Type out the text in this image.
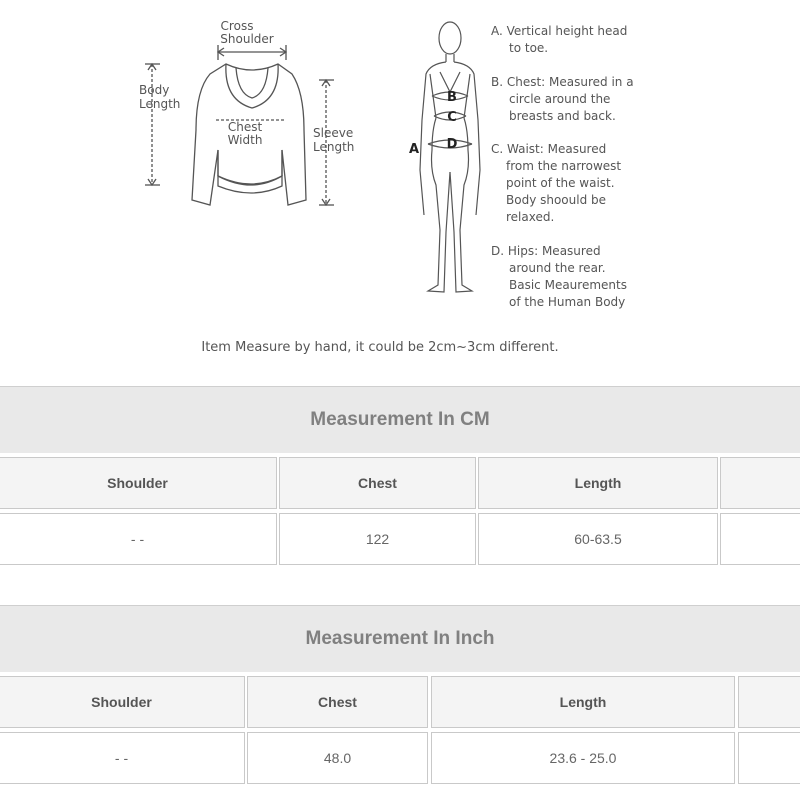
Cross
Shoulder
Body
Length
Chest
Width	Sleeve
Length
B
C
D
A
A. Vertical height head
to toe.
B. Chest: Measured in a
circle around the
breasts and back.
C. Waist: Measured
from the narrowest
point of the waist.
Body shoould be
relaxed.
D. Hips: Measured
around the rear.
Basic Meaurements
of the Human Body
Item Measure by hand, it could be 2cm~3cm different.
Measurement In CM
Shoulder	Chest	Length
- -	122	60-63.5
Measurement In Inch
Shoulder	Chest	Length
- -	48.0	23.6 - 25.0
